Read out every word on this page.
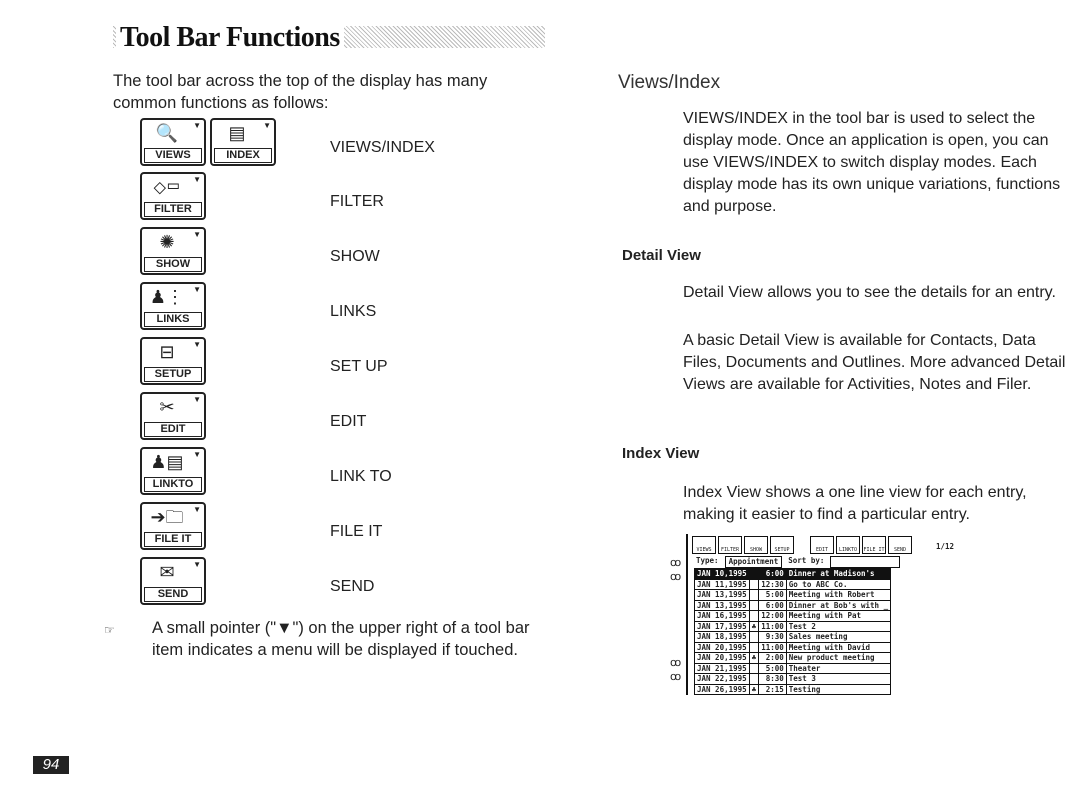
Tool Bar Functions

The tool bar across the top of the display has many common functions as follows:

🔍	▼
VIEWS
▤	▼
INDEX	VIEWS/INDEX
⬦▭	▼
FILTER	FILTER
✺	▼
SHOW	SHOW
♟⋮	▼
LINKS	LINKS
⊟	▼
SETUP	SET UP
✂	▼
EDIT	EDIT
♟▤	▼
LINKTO	LINK TO
➔🗀	▼
FILE IT	FILE IT
✉	▼
SEND	SEND
☞ A small pointer ("▼") on the upper right of a tool bar item indicates a menu will be displayed if touched.

Views/Index

VIEWS/INDEX in the tool bar is used to select the display mode. Once an application is open, you can use VIEWS/INDEX to switch display modes. Each display mode has its own unique variations, functions and purpose.

Detail View

Detail View allows you to see the details for an entry.

A basic Detail View is available for Contacts, Data Files, Documents and Outlines. More advanced Detail Views are available for Activities, Notes and Filer.

Index View

Index View shows a one line view for each entry, making it easier to find a particular entry.

ꝏ
ꝏ
ꝏ
ꝏ
VIEWS	FILTER	SHOW	SETUP	EDIT	LINKTO	FILE IT	SEND	1/12
Type:	Appointment	Sort by:
JAN 10,1995		6:00	Dinner at Madison's
JAN 11,1995		12:30	Go to ABC Co.
JAN 13,1995		5:00	Meeting with Robert
JAN 13,1995		6:00	Dinner at Bob's with _
JAN 16,1995		12:00	Meeting with Pat
JAN 17,1995	♣	11:00	Test 2
JAN 18,1995		9:30	Sales meeting
JAN 20,1995		11:00	Meeting with David
JAN 20,1995	♣	2:00	New product meeting
JAN 21,1995		5:00	Theater
JAN 22,1995		8:30	Test 3
JAN 26,1995	♣	2:15	Testing
94
